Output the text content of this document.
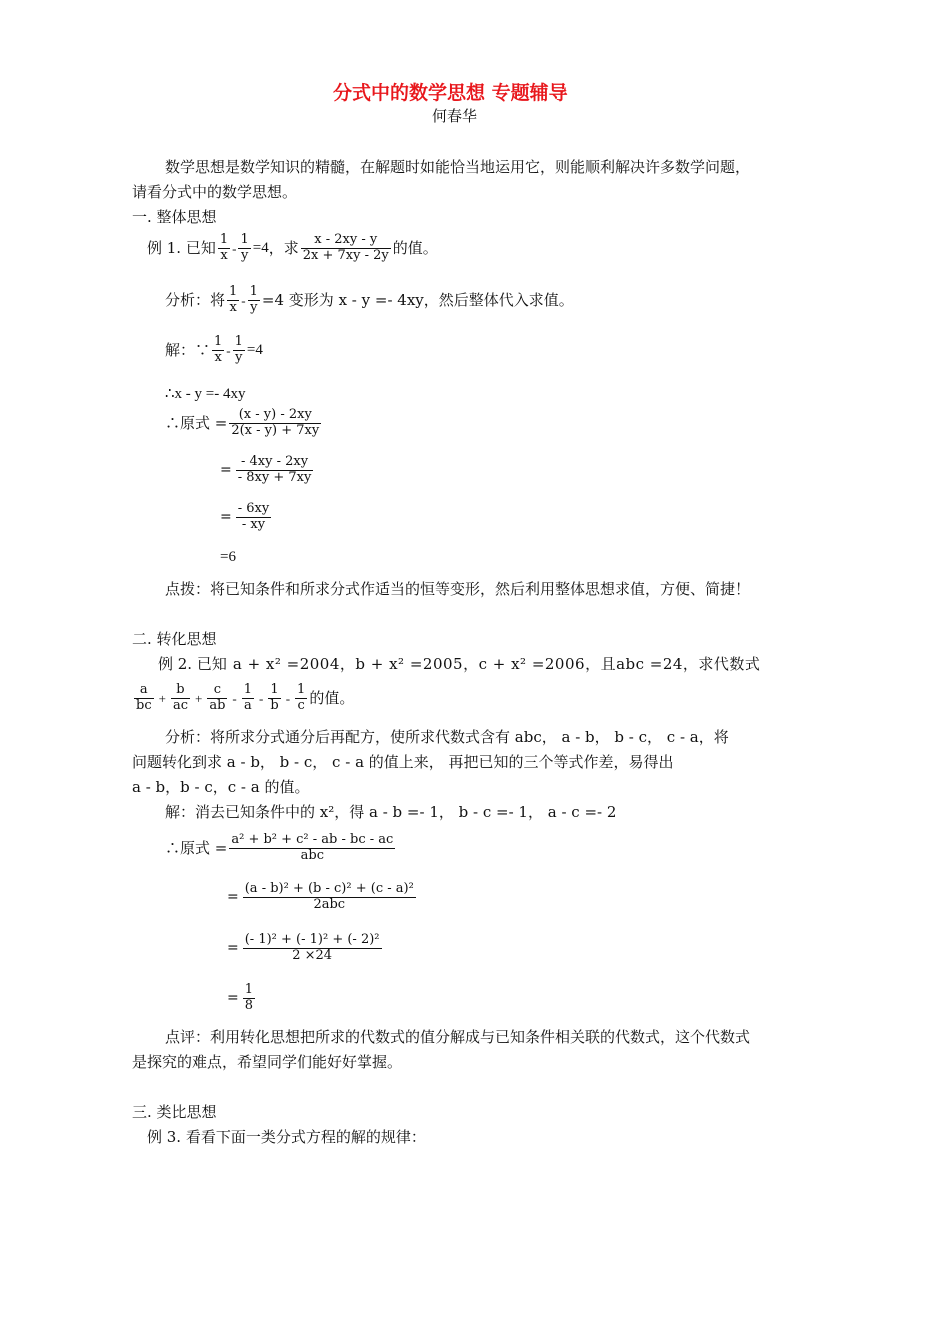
分式中的数学思想 专题辅导
何春华
数学思想是数学知识的精髓，在解题时如能恰当地运用它，则能顺利解决许多数学问题，
请看分式中的数学思想。
一. 整体思想
例 1. 已知 $\frac{1}{x} - \frac{1}{y} =4$ ，求 $\frac{x - 2xy - y}{2x + 7xy - 2y}$ 的值。
分析：将 $\frac{1}{x} - \frac{1}{y} =4$ 变形为 x - y =- 4xy，然后整体代入求值。
解：∵ $\frac{1}{x} - \frac{1}{y} =4$
∴x - y =- 4xy
∴原式 = $\frac{(x - y) - 2xy}{2(x - y) + 7xy}$
= $\frac{- 4xy - 2xy}{- 8xy + 7xy}$
= $\frac{- 6xy}{- xy}$
=6
点拨：将已知条件和所求分式作适当的恒等变形，然后利用整体思想求值，方便、简捷！
二. 转化思想
例 2. 已知 a + x² =2004，b + x² =2005，c + x² =2006，且abc =24，求代数式
$\frac{a}{bc} + \frac{b}{ac} + \frac{c}{ab} - \frac{1}{a} - \frac{1}{b} - \frac{1}{c}$ 的值。
分析：将所求分式通分后再配方，使所求代数式含有 abc， a - b， b - c， c - a，将
问题转化到求 a - b， b - c， c - a 的值上来， 再把已知的三个等式作差，易得出
a - b，b - c，c - a 的值。
解：消去已知条件中的 x²，得 a - b =- 1， b - c =- 1， a - c =- 2
∴原式 = $\frac{\text{a² + b² + c² - ab - bc - ac}}{\text{abc}}$
= $\frac{\text{(a - b)² + (b - c)² + (c - a)²}}{\text{2abc}}$
= $\frac{\text{(- 1)² + (- 1)² + (- 2)²}}{2 \times 24}$
= $\frac{1}{8}$
点评：利用转化思想把所求的代数式的值分解成与已知条件相关联的代数式，这个代数式
是探究的难点，希望同学们能好好掌握。
三. 类比思想
例 3. 看看下面一类分式方程的解的规律：
